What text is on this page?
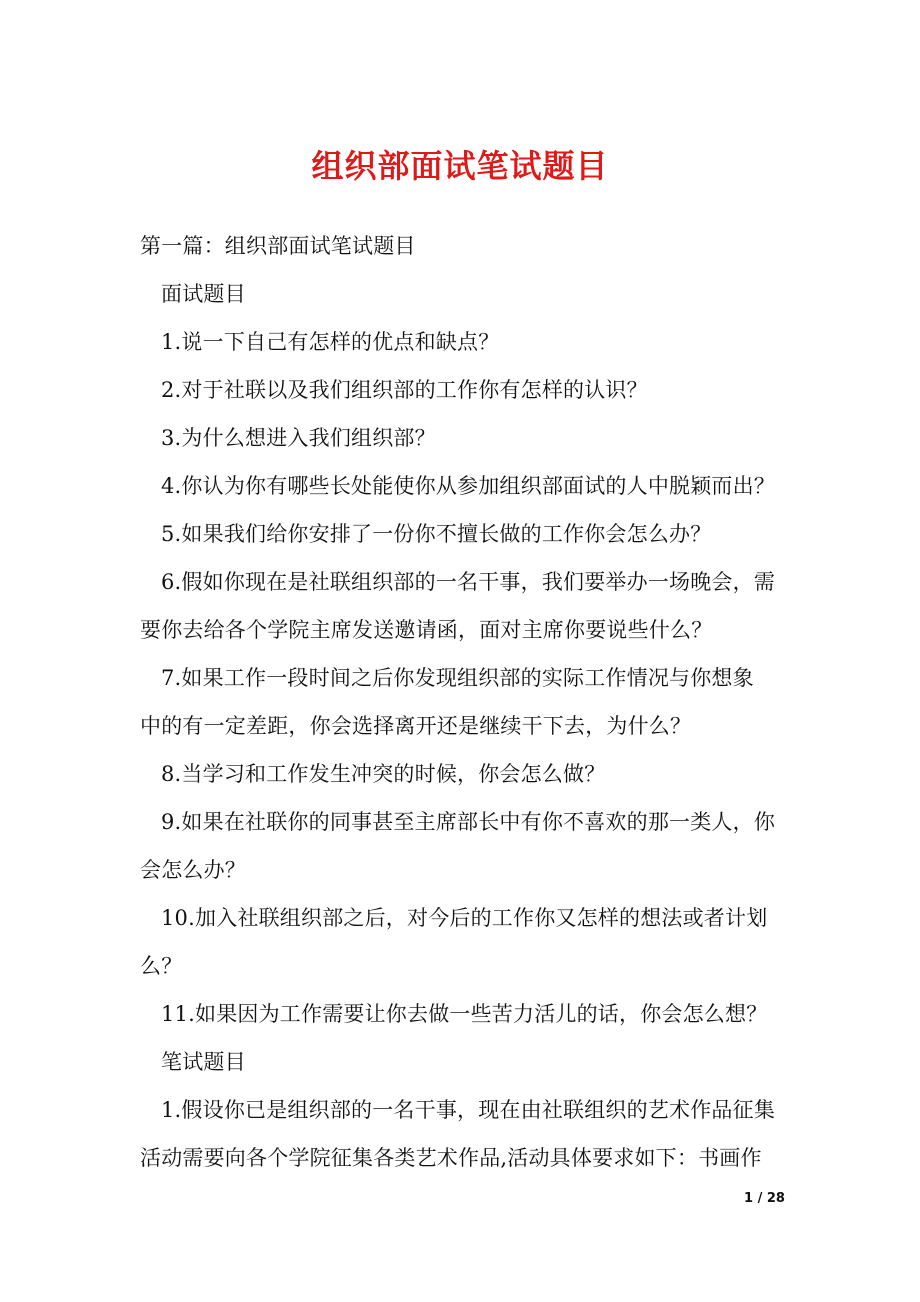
组织部面试笔试题目
第一篇：组织部面试笔试题目
面试题目
1.说一下自己有怎样的优点和缺点？
2.对于社联以及我们组织部的工作你有怎样的认识？
3.为什么想进入我们组织部？
4.你认为你有哪些长处能使你从参加组织部面试的人中脱颖而出？
5.如果我们给你安排了一份你不擅长做的工作你会怎么办？
6.假如你现在是社联组织部的一名干事，我们要举办一场晚会，需
要你去给各个学院主席发送邀请函，面对主席你要说些什么？
7.如果工作一段时间之后你发现组织部的实际工作情况与你想象
中的有一定差距，你会选择离开还是继续干下去，为什么？
8.当学习和工作发生冲突的时候，你会怎么做？
9.如果在社联你的同事甚至主席部长中有你不喜欢的那一类人，你
会怎么办？
10.加入社联组织部之后，对今后的工作你又怎样的想法或者计划
么？
11.如果因为工作需要让你去做一些苦力活儿的话，你会怎么想？
笔试题目
1.假设你已是组织部的一名干事，现在由社联组织的艺术作品征集
活动需要向各个学院征集各类艺术作品,活动具体要求如下：书画作
1 / 28
